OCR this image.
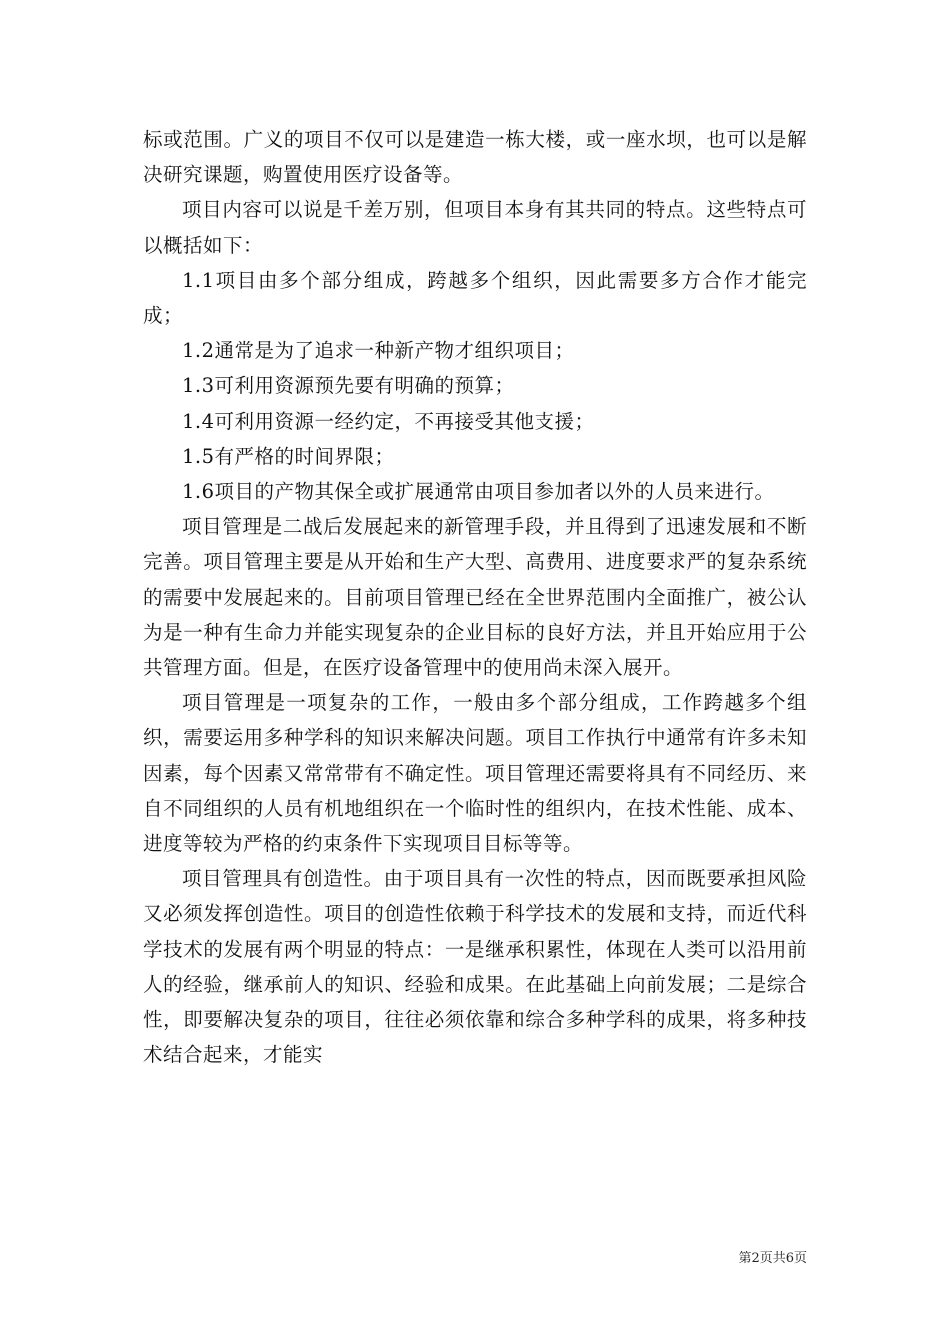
标或范围。广义的项目不仅可以是建造一栋大楼，或一座水坝，也可以是解决研究课题，购置使用医疗设备等。

项目内容可以说是千差万别，但项目本身有其共同的特点。这些特点可以概括如下：

1.1项目由多个部分组成，跨越多个组织，因此需要多方合作才能完成；

1.2通常是为了追求一种新产物才组织项目；

1.3可利用资源预先要有明确的预算；

1.4可利用资源一经约定，不再接受其他支援；

1.5有严格的时间界限；

1.6项目的产物其保全或扩展通常由项目参加者以外的人员来进行。

项目管理是二战后发展起来的新管理手段，并且得到了迅速发展和不断完善。项目管理主要是从开始和生产大型、高费用、进度要求严的复杂系统的需要中发展起来的。目前项目管理已经在全世界范围内全面推广，被公认为是一种有生命力并能实现复杂的企业目标的良好方法，并且开始应用于公共管理方面。但是，在医疗设备管理中的使用尚未深入展开。

项目管理是一项复杂的工作，一般由多个部分组成，工作跨越多个组织，需要运用多种学科的知识来解决问题。项目工作执行中通常有许多未知因素，每个因素又常常带有不确定性。项目管理还需要将具有不同经历、来自不同组织的人员有机地组织在一个临时性的组织内，在技术性能、成本、进度等较为严格的约束条件下实现项目目标等等。

项目管理具有创造性。由于项目具有一次性的特点，因而既要承担风险又必须发挥创造性。项目的创造性依赖于科学技术的发展和支持，而近代科学技术的发展有两个明显的特点：一是继承积累性，体现在人类可以沿用前人的经验，继承前人的知识、经验和成果。在此基础上向前发展；二是综合性，即要解决复杂的项目，往往必须依靠和综合多种学科的成果，将多种技术结合起来，才能实

第2页共6页
